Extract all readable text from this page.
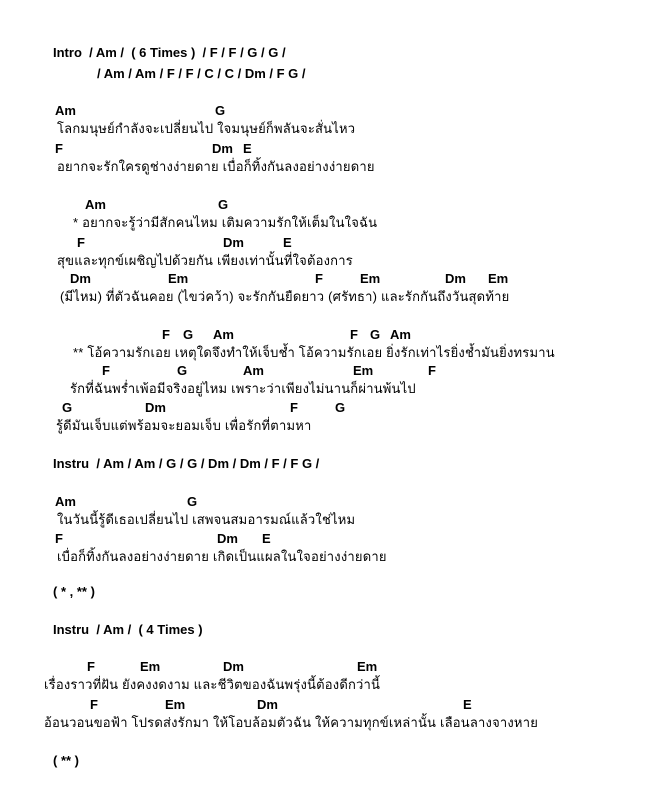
Intro  / Am /  ( 6 Times )  / F / F / G / G /
/ Am / Am / F / F / C / C / Dm / F G /
Am	G
โลกมนุษย์กำลังจะเปลี่ยนไป ใจมนุษย์ก็พลันจะสั่นไหว
F	Dm E
อยากจะรักใครดูช่างง่ายดาย เบื่อก็ทิ้งกันลงอย่างง่ายดาย
Am	G
* อยากจะรู้ว่ามีสักคนไหม เติมความรักให้เต็มในใจฉัน
F	Dm	E
สุขและทุกข์เผชิญไปด้วยกัน เพียงเท่านั้นที่ใจต้องการ
Dm	Em	F	Em	Dm Em
(มีไหม) ที่ตัวฉันคอย (ไขว่คว้า) จะรักกันยืดยาว (ศรัทธา) และรักกันถึงวันสุดท้าย
F G Am	F G Am
** โอ้ความรักเอย เหตุใดจึงทำให้เจ็บช้ำ โอ้ความรักเอย ยิ่งรักเท่าไรยิ่งช้ำมันยิ่งทรมาน
F	G	Am	Em	F
รักที่ฉันพร่ำเพ้อมีจริงอยู่ไหม เพราะว่าเพียงไม่นานก็ผ่านพ้นไป
G	Dm	F	G
รู้ดีมันเจ็บแต่พร้อมจะยอมเจ็บ เพื่อรักที่ตามหา
Instru  / Am / Am / G / G / Dm / Dm / F / F G /
Am	G
ในวันนี้รู้ดีเธอเปลี่ยนไป เสพจนสมอารมณ์แล้วใช่ไหม
F	Dm E
เบื่อก็ทิ้งกันลงอย่างง่ายดาย เกิดเป็นแผลในใจอย่างง่ายดาย
( * , ** )
Instru  / Am /  ( 4 Times )
F	Em	Dm	Em
เรื่องราวที่ฝัน ยังคงงดงาม และชีวิตของฉันพรุ่งนี้ต้องดีกว่านี้
F	Em	Dm	E
อ้อนวอนขอฟ้า โปรดส่งรักมา ให้โอบล้อมตัวฉัน ให้ความทุกข์เหล่านั้น เลือนลางจางหาย
( ** )
